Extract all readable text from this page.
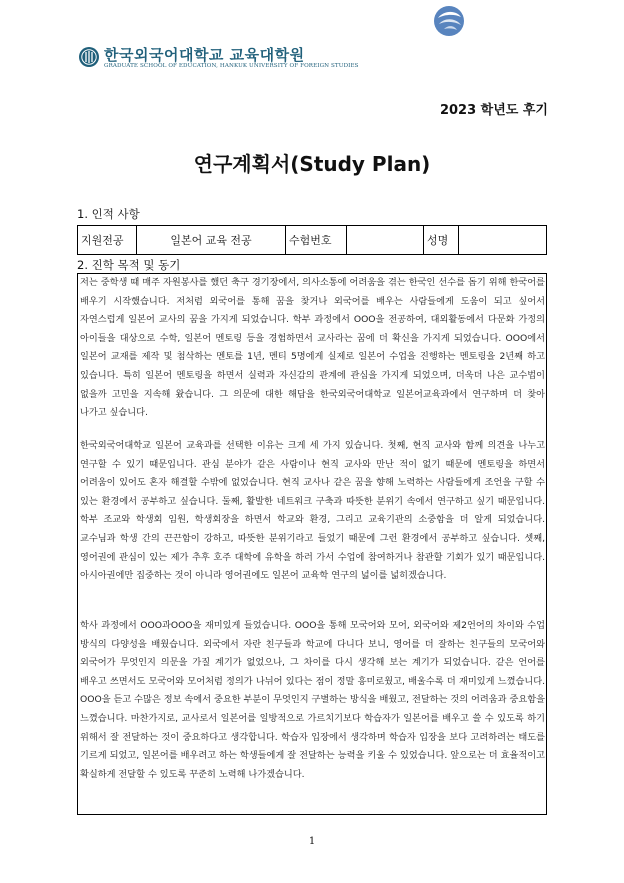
한국외국어대학교 교육대학원
GRADUATE SCHOOL OF EDUCATION, HANKUK UNIVERSITY OF FOREIGN STUDIES
2023 학년도 후기
연구계획서(Study Plan)
1. 인적 사항
지원전공	일본어 교육 전공	수험번호		성명	
2. 진학 목적 및 동기

저는 중학생 때 매주 자원봉사를 했던 축구 경기장에서, 의사소통에 어려움을 겪는 한국인 선수를 돕기 위해 한국어를 배우기 시작했습니다. 저처럼 외국어를 통해 꿈을 찾거나 외국어를 배우는 사람들에게 도움이 되고 싶어서 자연스럽게 일본어 교사의 꿈을 가지게 되었습니다. 학부 과정에서 OOO을 전공하여, 대외활동에서 다문화 가정의 아이들을 대상으로 수학, 일본어 멘토링 등을 경험하면서 교사라는 꿈에 더 확신을 가지게 되었습니다. OOO에서 일본어 교재를 제작 및 첨삭하는 멘토를 1년, 멘티 5명에게 실제로 일본어 수업을 진행하는 멘토링을 2년째 하고 있습니다. 특히 일본어 멘토링을 하면서 실력과 자신감의 관계에 관심을 가지게 되었으며, 더욱더 나은 교수법이 없을까 고민을 지속해 왔습니다. 그 의문에 대한 해답을 한국외국어대학교 일본어교육과에서 연구하며 더 찾아 나가고 싶습니다.

한국외국어대학교 일본어 교육과를 선택한 이유는 크게 세 가지 있습니다. 첫째, 현직 교사와 함께 의견을 나누고 연구할 수 있기 때문입니다. 관심 분야가 같은 사람이나 현직 교사와 만난 적이 없기 때문에 멘토링을 하면서 어려움이 있어도 혼자 해결할 수밖에 없었습니다. 현직 교사나 같은 꿈을 향해 노력하는 사람들에게 조언을 구할 수 있는 환경에서 공부하고 싶습니다. 둘째, 활발한 네트워크 구축과 따뜻한 분위기 속에서 연구하고 싶기 때문입니다. 학부 조교와 학생회 임원, 학생회장을 하면서 학교와 환경, 그리고 교육기관의 소중함을 더 알게 되었습니다. 교수님과 학생 간의 끈끈함이 강하고, 따뜻한 분위기라고 들었기 때문에 그런 환경에서 공부하고 싶습니다. 셋째, 영어권에 관심이 있는 제가 추후 호주 대학에 유학을 하러 가서 수업에 참여하거나 참관할 기회가 있기 때문입니다. 아시아권에만 집중하는 것이 아니라 영어권에도 일본어 교육학 연구의 넓이를 넓히겠습니다.

학사 과정에서 OOO과OOO을 재미있게 들었습니다. OOO을 통해 모국어와 모어, 외국어와 제2언어의 차이와 수업 방식의 다양성을 배웠습니다. 외국에서 자란 친구들과 학교에 다니다 보니, 영어를 더 잘하는 친구들의 모국어와 외국어가 무엇인지 의문을 가질 계기가 없었으나, 그 차이를 다시 생각해 보는 계기가 되었습니다. 같은 언어를 배우고 쓰면서도 모국어와 모어처럼 정의가 나뉘어 있다는 점이 정말 흥미로웠고, 배울수록 더 재미있게 느꼈습니다. OOO을 듣고 수많은 정보 속에서 중요한 부분이 무엇인지 구별하는 방식을 배웠고, 전달하는 것의 어려움과 중요함을 느꼈습니다. 마찬가지로, 교사로서 일본어를 일방적으로 가르치기보다 학습자가 일본어를 배우고 쓸 수 있도록 하기 위해서 잘 전달하는 것이 중요하다고 생각합니다. 학습자 입장에서 생각하며 학습자 입장을 보다 고려하려는 태도를 기르게 되었고, 일본어를 배우려고 하는 학생들에게 잘 전달하는 능력을 키울 수 있었습니다. 앞으로는 더 효율적이고 확실하게 전달할 수 있도록 꾸준히 노력해 나가겠습니다.

1
